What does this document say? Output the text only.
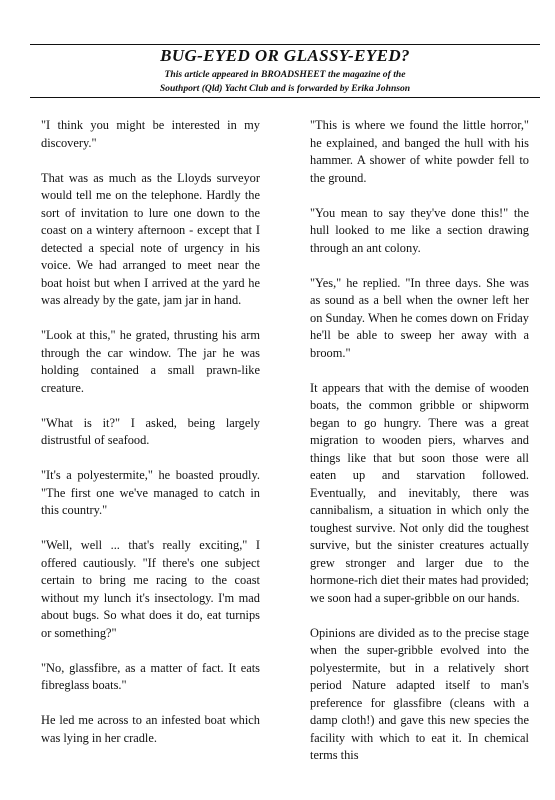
BUG-EYED OR GLASSY-EYED?
This article appeared in BROADSHEET the magazine of the
Southport (Qld) Yacht Club and is forwarded by Erika Johnson

"I think you might be interested in my discovery."

That was as much as the Lloyds surveyor would tell me on the telephone. Hardly the sort of invitation to lure one down to the coast on a wintery afternoon - except that I detected a special note of urgency in his voice. We had arranged to meet near the boat hoist but when I arrived at the yard he was already by the gate, jam jar in hand.

"Look at this," he grated, thrusting his arm through the car window. The jar he was holding contained a small prawn-like creature.

"What is it?" I asked, being largely distrustful of seafood.

"It's a polyestermite," he boasted proudly. "The first one we've managed to catch in this country."

"Well, well ... that's really exciting," I offered cautiously. "If there's one subject certain to bring me racing to the coast without my lunch it's insectology. I'm mad about bugs. So what does it do, eat turnips or something?"

"No, glassfibre, as a matter of fact. It eats fibreglass boats."

He led me across to an infested boat which was lying in her cradle.

"This is where we found the little horror," he explained, and banged the hull with his hammer. A shower of white powder fell to the ground.

"You mean to say they've done this!" the hull looked to me like a section drawing through an ant colony.

"Yes," he replied. "In three days. She was as sound as a bell when the owner left her on Sunday. When he comes down on Friday he'll be able to sweep her away with a broom."

It appears that with the demise of wooden boats, the common gribble or shipworm began to go hungry. There was a great migration to wooden piers, wharves and things like that but soon those were all eaten up and starvation followed. Eventually, and inevitably, there was cannibalism, a situation in which only the toughest survive. Not only did the toughest survive, but the sinister creatures actually grew stronger and larger due to the hormone-rich diet their mates had provided; we soon had a super-gribble on our hands.

Opinions are divided as to the precise stage when the super-gribble evolved into the polyestermite, but in a relatively short period Nature adapted itself to man's preference for glassfibre (cleans with a damp cloth!) and gave this new species the facility with which to eat it. In chemical terms this
